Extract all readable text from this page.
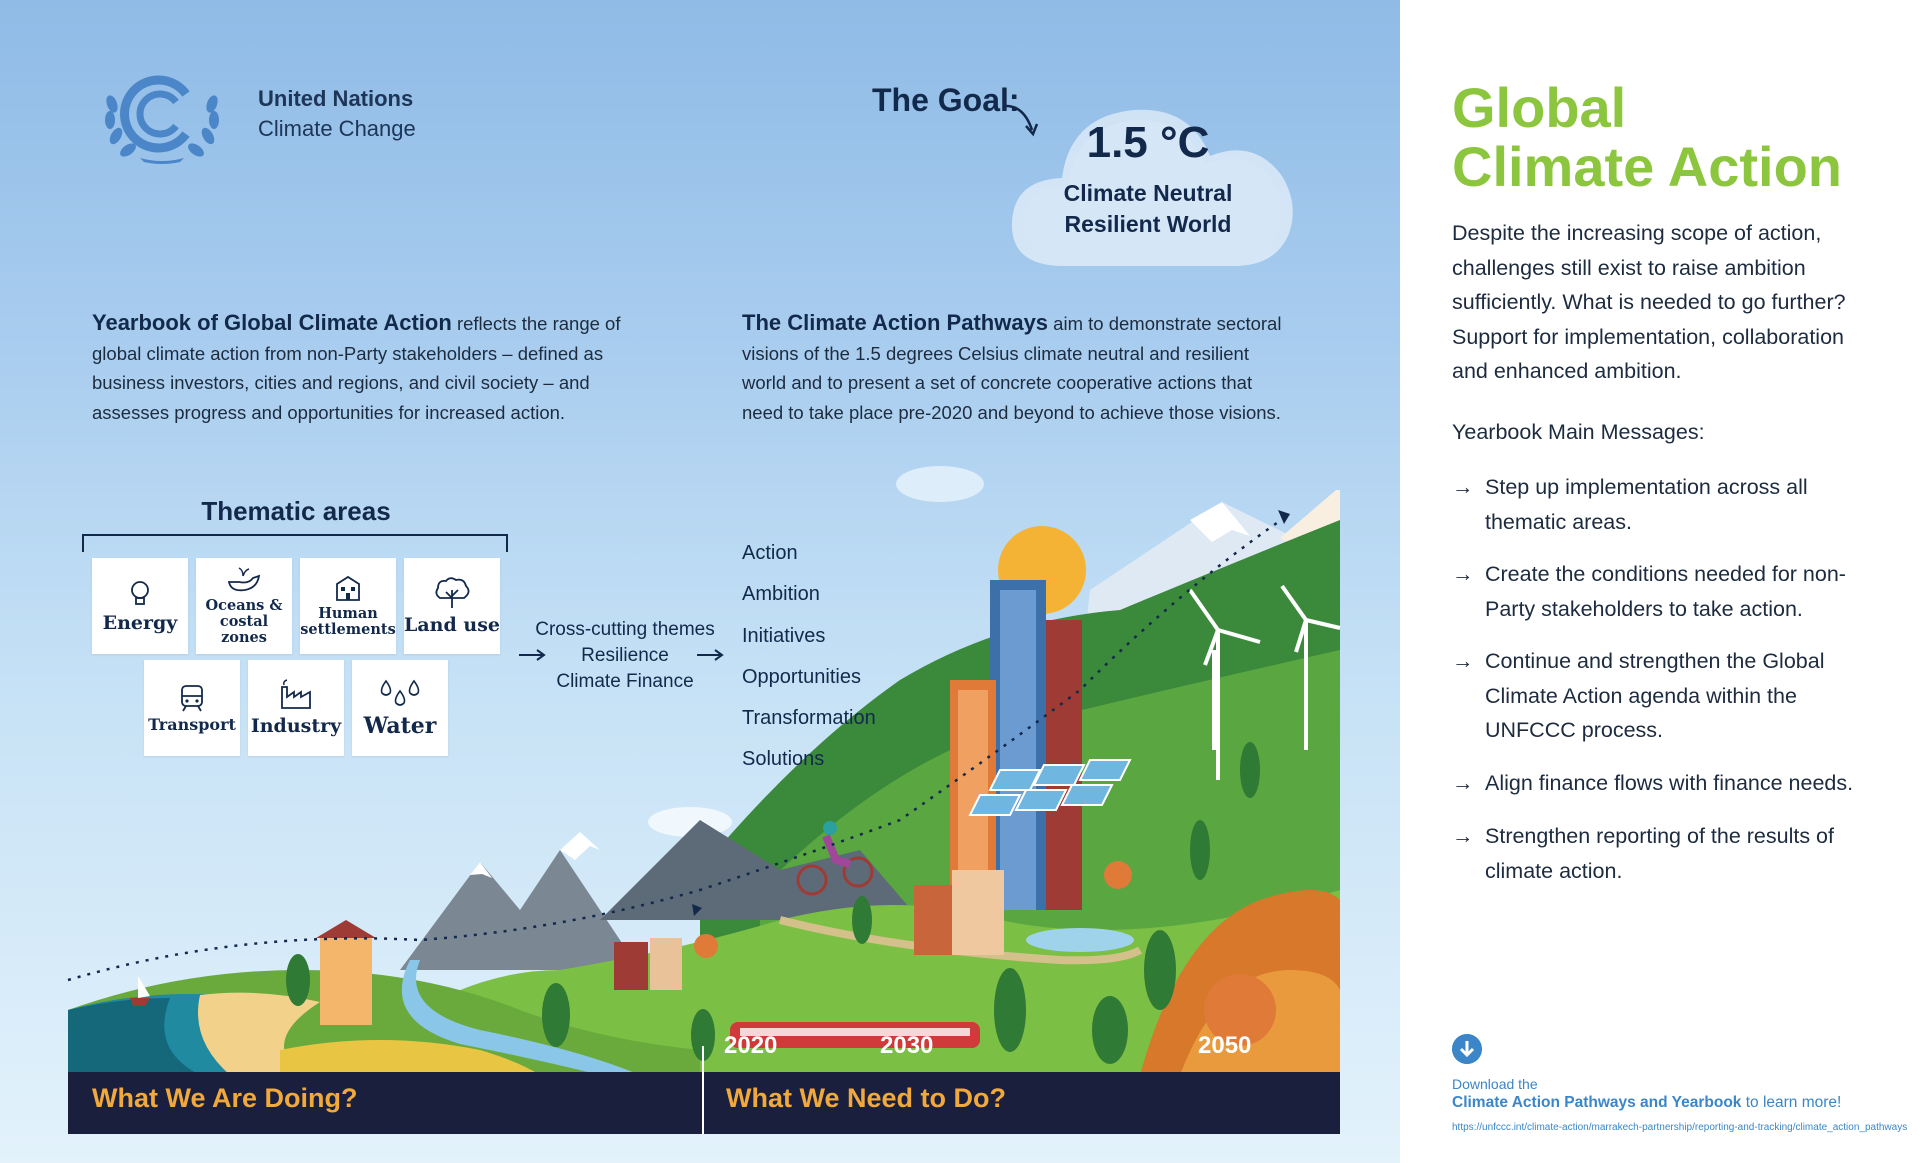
United Nations
Climate Change
The Goal:
1.5 °C
Climate Neutral
Resilient World
Yearbook of Global Climate Action reflects the range of global climate action from non-Party stakeholders – defined as business investors, cities and regions, and civil society – and assesses progress and opportunities for increased action.
The Climate Action Pathways aim to demonstrate sectoral visions of the 1.5 degrees Celsius climate neutral and resilient world and to present a set of concrete cooperative actions that need to take place pre-2020 and beyond to achieve those visions.
Thematic areas
Energy
Oceans &
costal zones
Human
settlements Land use
Transport Industry Water
Cross-cutting themes
Resilience
Climate Finance
Action
Ambition
Initiatives
Opportunities
Transformation
Solutions
2020	2030	2050
What We Are Doing?	What We Need to Do?
Global
Climate Action
Despite the increasing scope of action, challenges still exist to raise ambition sufficiently. What is needed to go further? Support for implementation, collaboration and enhanced ambition.
Yearbook Main Messages:
→ Step up implementation across all thematic areas.
→ Create the conditions needed for non-Party stakeholders to take action.
→ Continue and strengthen the Global Climate Action agenda within the UNFCCC process.
→ Align finance flows with finance needs.
→ Strengthen reporting of the results of climate action.
Download the
Climate Action Pathways and Yearbook to learn more!
https://unfccc.int/climate-action/marrakech-partnership/reporting-and-tracking/climate_action_pathways
